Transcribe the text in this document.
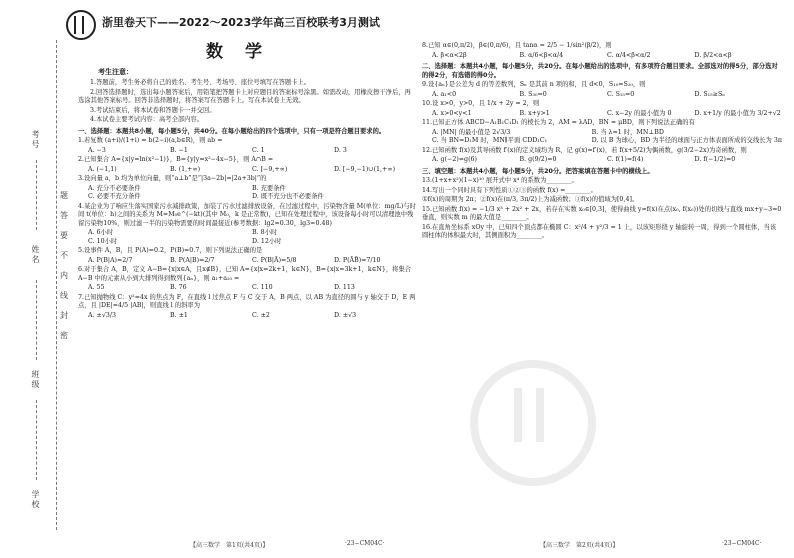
考号
姓名
班级
学校
密
封
线
内
不
要
答
题
浙里卷天下——2022～2023学年高三百校联考3月测试
数学
考生注意：

1.答题前，考生务必将自己的姓名、考生号、考场号、座位号填写在答题卡上。

2.回答选择题时，选出每小题答案后，用铅笔把答题卡上对应题目的答案标号涂黑。如需改动，用橡皮擦干净后，再选涂其他答案标号。回答非选择题时，将答案写在答题卡上。写在本试卷上无效。

3.考试结束后，将本试卷和答题卡一并交回。

4.本试卷主要考试内容：高考全部内容。

一、选择题：本题共8小题，每小题5分，共40分。在每小题给出的四个选项中，只有一项是符合题目要求的。
1.若复数 (a+i)/(1+i) = b(2−i)(a,b∈R)，则 ab =
A. −3	B. −1	C. 1	D. 3
2.已知集合 A={x|y=ln(x²−1)}，B={y|y=x²−4x−5}，则 A∩B =
A. (−1,1)	B. (1,+∞)	C. [−9,+∞)	D. [−9,−1)∪(1,+∞)
3.设向量 a，b 均为单位向量，则“a⊥b”是“|3a−2b|=|2a+3b|”的
A. 充分不必要条件	B. 充要条件
C. 必要不充分条件	D. 既不充分也不必要条件
4.某企业为了响应生落实国家污水减排政策，加装了污水过滤排放设备，在过滤过程中，污染物含量 M(单位：mg/L)与时间 t(单位：h)之间的关系为 M=M₀e^(−kt)(其中 M₀，k 是正常数)，已知在处理过程中，该设备每小时可以清理池中残留污染物10%，则过滤一半的污染物需要的时间最接近(参考数据：lg2≈0.30，lg3≈0.48)
A. 6小时	B. 8小时
C. 10小时	D. 12小时
5.设事件 A，B，且 P(A)=0.2，P(B)=0.7，则下列说法正确的是
A. P(B|A)=2/7	B. P(A|B)=2/7	C. P(B|Ā)=5/8	D. P(ĀB̄)=7/10
6.对于集合 A，B，定义 A−B={x|x∈A，且x∉B}，已知 A={x|x=2k+1，k∈N}，B={x|x=3k+1，k∈N}，将集合 A−B 中的元素从小到大排列得到数列{aₙ}，则 a₁+a₂₀ =
A. 55	B. 76	C. 110	D. 113
7.已知抛物线 C：y²=4x 的焦点为 F，在直线 l 过焦点 F 与 C 交于 A，B 两点，以 AB 为直径的圆与 y 轴交于 D，E 两点，且 |DE|=4/5 |AB|，则直线 l 的斜率为
A. ±√3/3	B. ±1	C. ±2	D. ±√3
8.已知 α∈(0,π/2)，β∈(0,π/6)，且 tanα = 2/5 − 1/sin²(β/2)，则
A. β<α<2β	B. α/6<β<α/4	C. α/4<β<α/2	D. β/2<α<β
二、选择题：本题共4小题，每小题5分，共20分。在每小题给出的选项中，有多项符合题目要求。全部选对的得5分，部分选对的得2分，有选错的得0分。
9.设{aₙ}是公差为 d 的等差数列，Sₙ 是其前 n 项的和，且 d<0，S₁₀=S₂₀，则
A. a₁<0	B. S₃₀=0	C. S₁₅=0	D. S₁₅≥Sₙ
10.设 x>0，y>0，且 1/x + 2y = 2，则
A. x>0<y<1	B. x+y>1	C. x−2y 的最小值为 0	D. x+1/y 的最小值为 3/2+√2
11.已知正方体 ABCD−A₁B₁C₁D₁ 的棱长为 2，AM = λAD，BN = μBD，则下列说法正确的有
A. |MN| 的最小值是 2√3/3	B. 当 λ=1 时，MN⊥BD
C. 当 BN=D₁M 时，MN∥平面 CDD₁C₁	D. 以 B 为球心，BD 为半径的球面与正方体表面所成的交线长为 3π
12.已知函数 f(x)及其导函数 f′(x)的定义域均为 R，记 g(x)=f′(x)，若 f(x+5/2)为偶函数，g(3/2−2x)为奇函数，则
A. g(−2)=g(6)	B. g(9/2)=0	C. f(1)=f(4)	D. f(−1/2)=0
三、填空题：本题共4小题，每小题5分，共20分。把答案填在答题卡中的横线上。
13.(1+x+x²)(1−x)¹⁰ 展开式中 x⁴ 的系数为________。
14.写出一个同时具有下列性质①②③的函数 f(x) =________。
①f(x)的周期为 2π；②f(x)在(π/3, 3π/2)上为减函数；③f(x)的值域为[0,4]。
15.已知函数 f(x) = −1/3 x³ + 2x² + 2x，若存在实数 x₀∈[0,3]，使得曲线 y=f(x)在点(x₀, f(x₀))处的切线与直线 mx+y−3=0 垂直，则实数 m 的最大值是________。
16.在直角坐标系 xOy 中，已知四个顶点都在椭圆 C：x²/4 + y²/3 = 1 上，以该矩形绕 y 轴旋转一周，得到一个圆柱体，当该圆柱体的体积最大时，其侧面积为________。
【高三数学　第1页(共4页)】	·23−CM04C·	【高三数学　第2页(共4页)】	·23−CM04C·
